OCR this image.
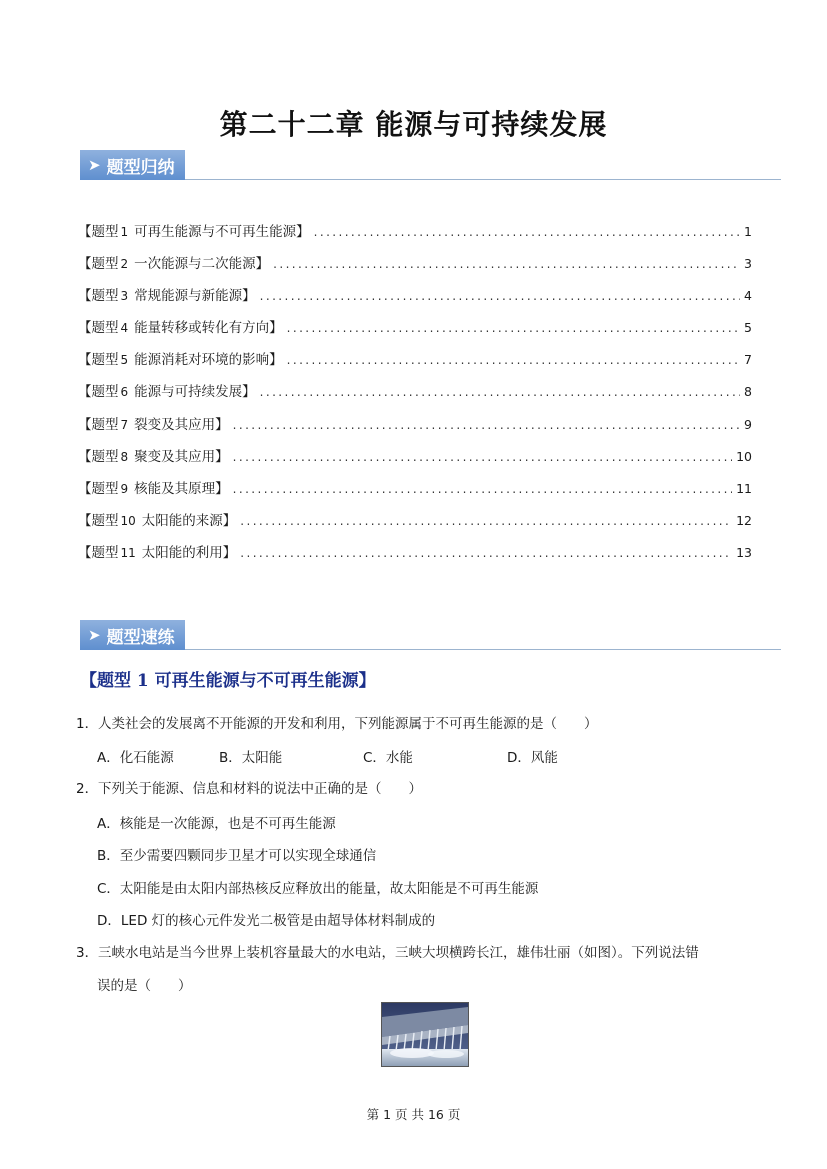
第二十二章 能源与可持续发展
➤ 题型归纳
【题型 1 可再生能源与不可再生能源】 .....	1
【题型 2 一次能源与二次能源】 .....	3
【题型 3 常规能源与新能源】 .....	4
【题型 4 能量转移或转化有方向】 .....	5
【题型 5 能源消耗对环境的影响】 .....	7
【题型 6 能源与可持续发展】 .....	8
【题型 7 裂变及其应用】 .....	9
【题型 8 聚变及其应用】 .....	10
【题型 9 核能及其原理】 .....	11
【题型 10 太阳能的来源】 .....	12
【题型 11 太阳能的利用】 .....	13
➤ 题型速练
【题型 1 可再生能源与不可再生能源】
1．人类社会的发展离不开能源的开发和利用，下列能源属于不可再生能源的是（　　）
A．化石能源	B．太阳能	C．水能	D．风能
2．下列关于能源、信息和材料的说法中正确的是（　　）
A．核能是一次能源，也是不可再生能源
B．至少需要四颗同步卫星才可以实现全球通信
C．太阳能是由太阳内部热核反应释放出的能量，故太阳能是不可再生能源
D．LED 灯的核心元件发光二极管是由超导体材料制成的
3．三峡水电站是当今世界上装机容量最大的水电站，三峡大坝横跨长江，雄伟壮丽（如图）。下列说法错
误的是（　　）
第 1 页 共 16 页
